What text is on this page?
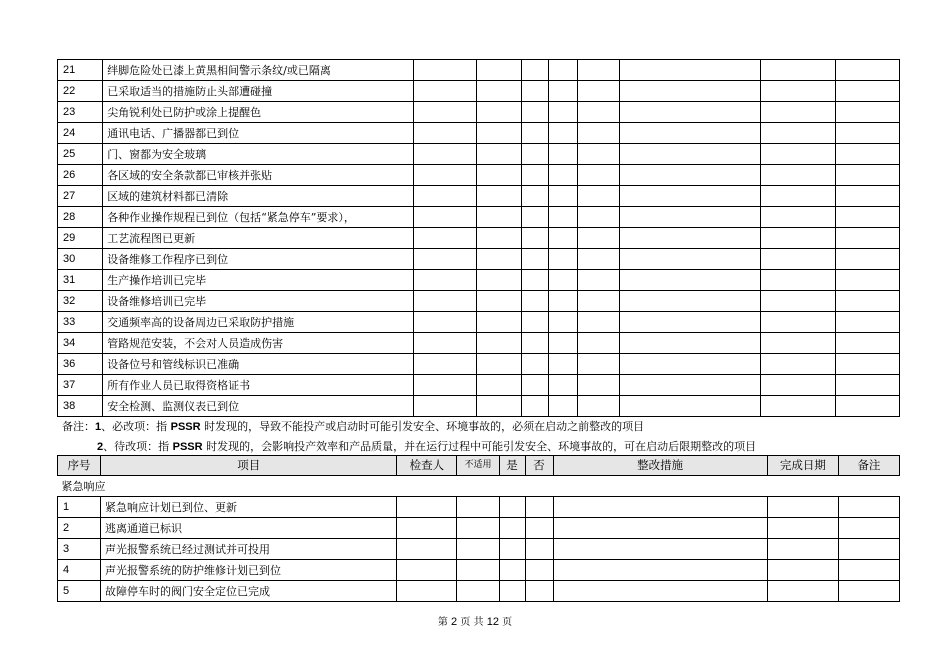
21	绊脚危险处已漆上黄黑相间警示条纹/或已隔离								
22	已采取适当的措施防止头部遭碰撞								
23	尖角锐利处已防护或涂上提醒色								
24	通讯电话、广播器都已到位								
25	门、窗都为安全玻璃								
26	各区域的安全条款都已审核并张贴								
27	区域的建筑材料都已清除								
28	各种作业操作规程已到位（包括“紧急停车”要求），								
29	工艺流程图已更新								
30	设备维修工作程序已到位								
31	生产操作培训已完毕								
32	设备维修培训已完毕								
33	交通频率高的设备周边已采取防护措施								
34	管路规范安装，不会对人员造成伤害								
36	设备位号和管线标识已准确								
37	所有作业人员已取得资格证书								
38	安全检测、监测仪表已到位								
备注：1、必改项：指 PSSR 时发现的，导致不能投产或启动时可能引发安全、环境事故的，必须在启动之前整改的项目
2、待改项：指 PSSR 时发现的，会影响投产效率和产品质量，并在运行过程中可能引发安全、环境事故的，可在启动后限期整改的项目
序号	项目	检查人	不适用	是	否	整改措施	完成日期	备注
紧急响应								
1	紧急响应计划已到位、更新							
2	逃离通道已标识							
3	声光报警系统已经过测试并可投用							
4	声光报警系统的防护维修计划已到位							
5	故障停车时的阀门安全定位已完成							
第 2 页 共 12 页
